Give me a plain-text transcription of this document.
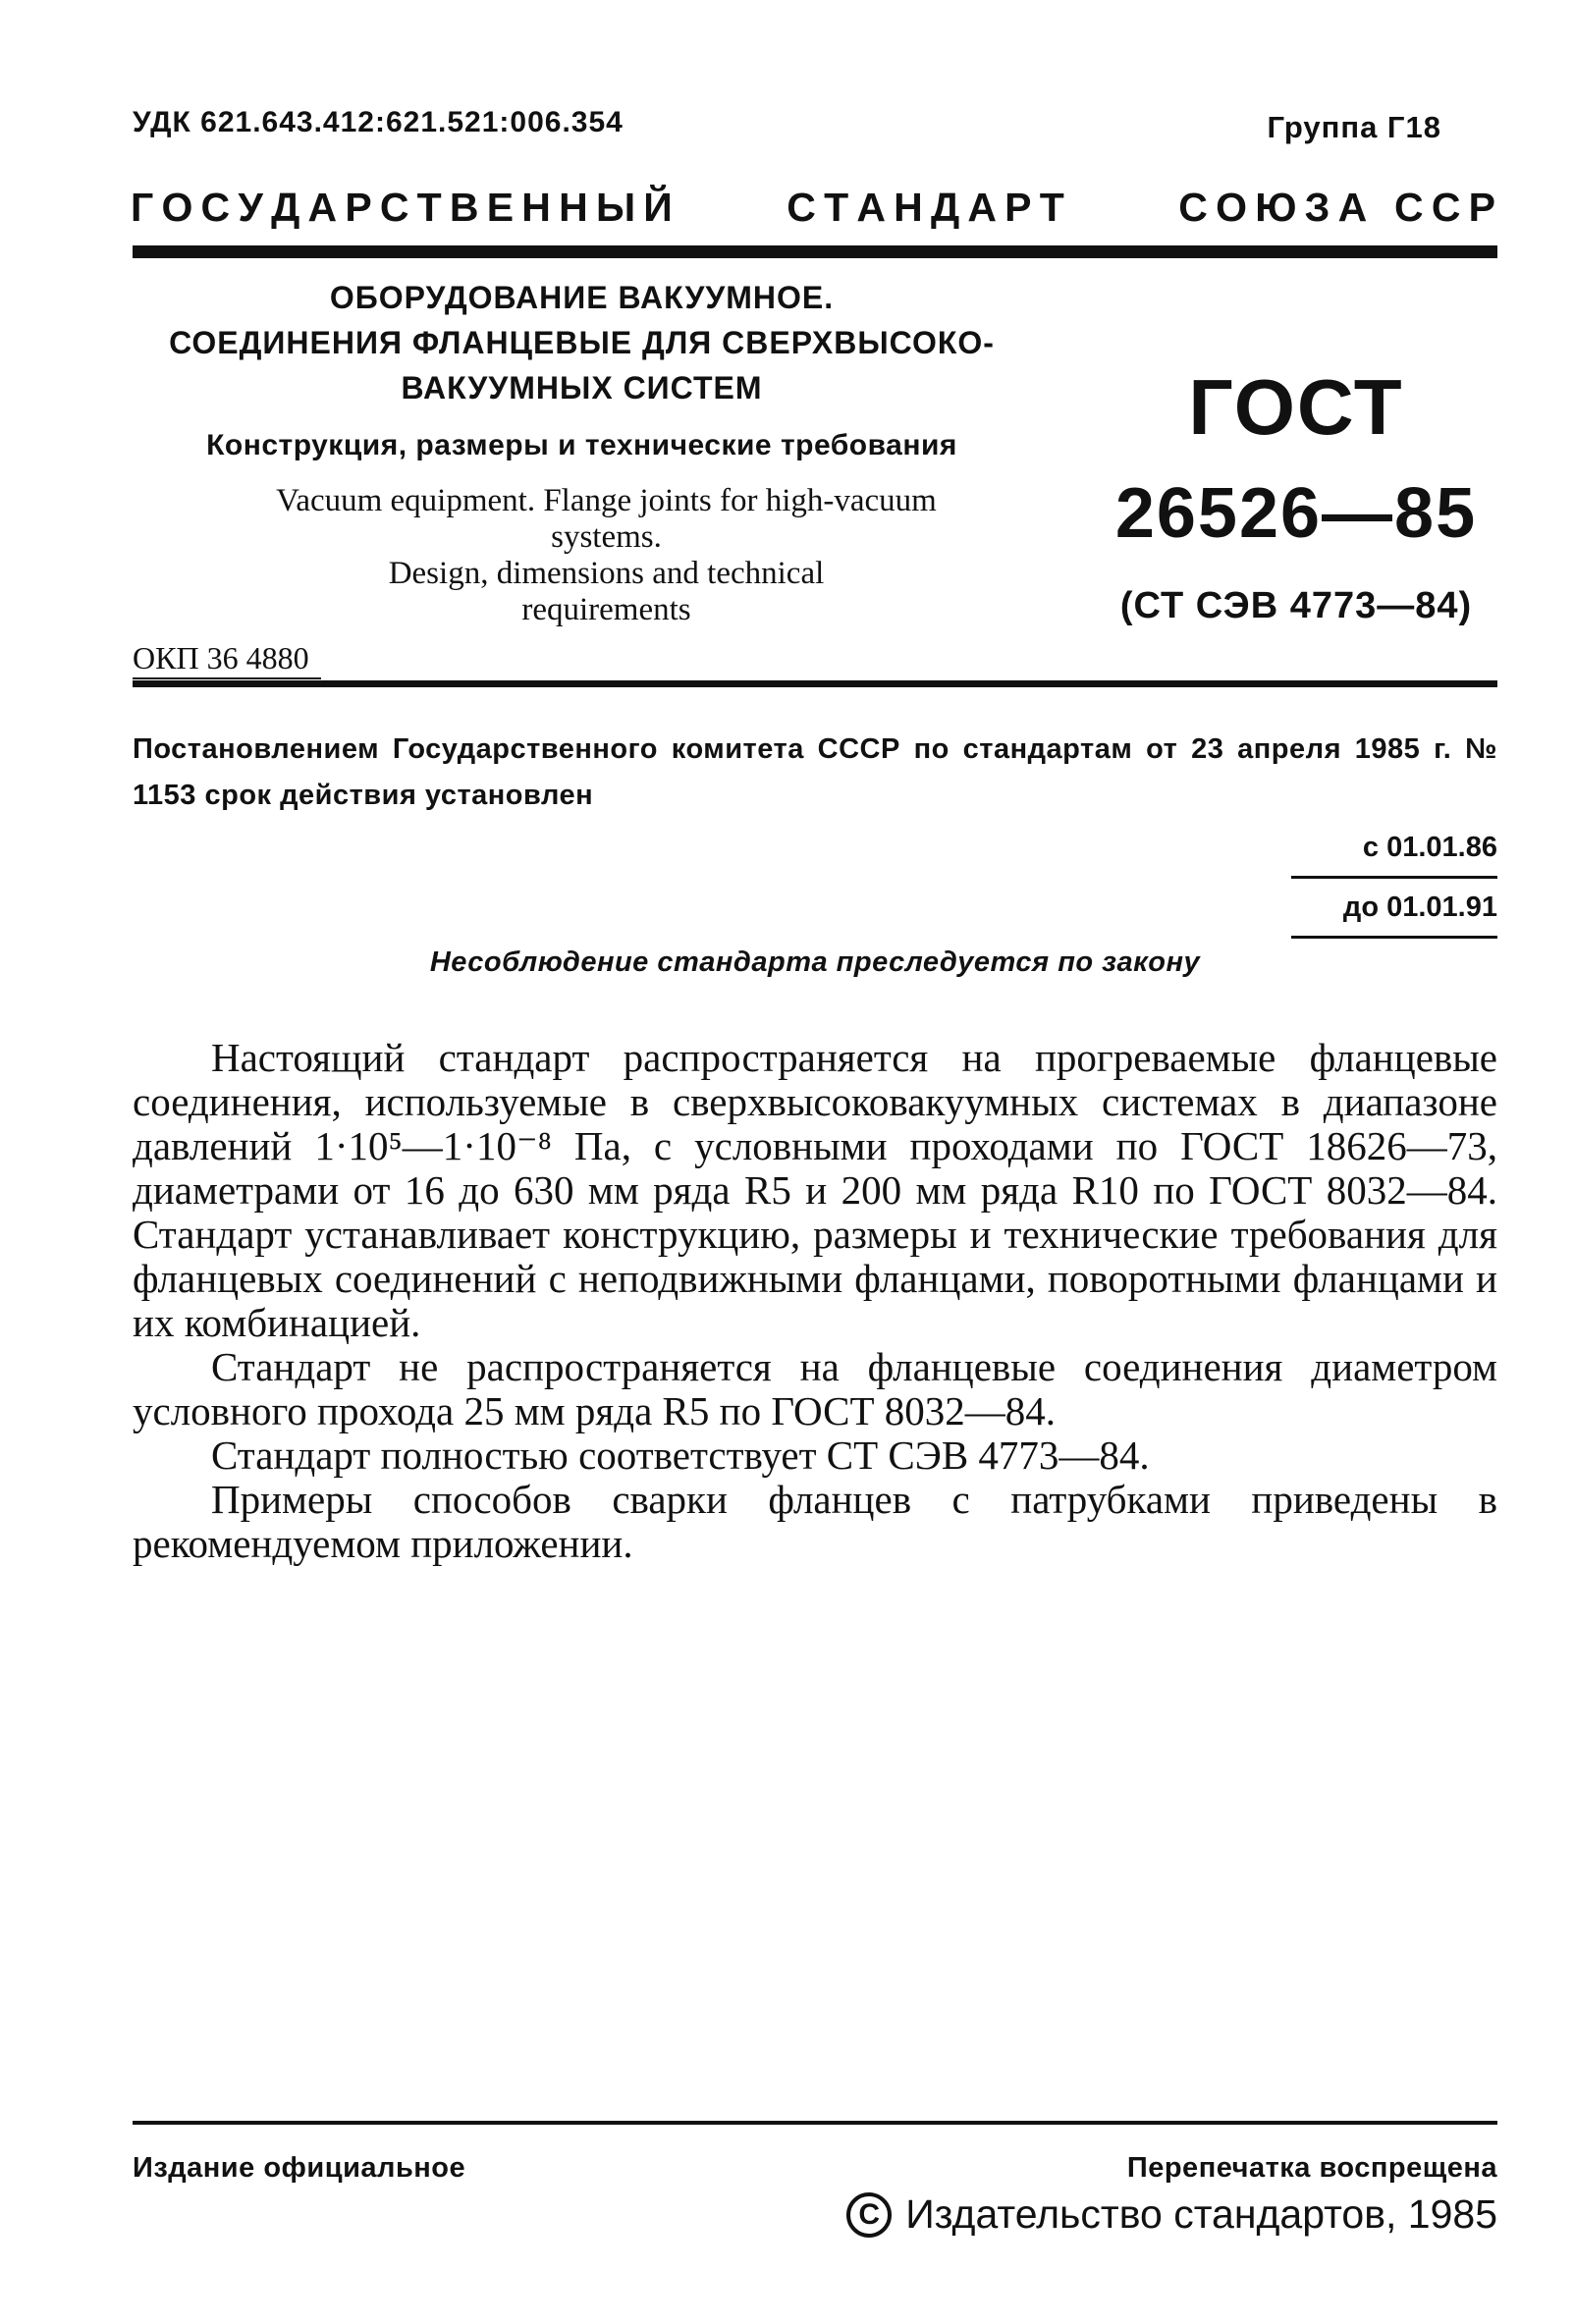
УДК 621.643.412:621.521:006.354	Группа Г18
Г О С У Д А Р С Т В Е Н Н Ы Й	С Т А Н Д А Р Т	С О Ю З А   С С Р
ОБОРУДОВАНИЕ ВАКУУМНОЕ.
СОЕДИНЕНИЯ ФЛАНЦЕВЫЕ ДЛЯ СВЕРХВЫСОКО-
ВАКУУМНЫХ СИСТЕМ
Конструкция, размеры и технические требования
Vacuum equipment. Flange joints for high-vacuum
systems.
Design, dimensions and technical
requirements
ОКП 36 4880
ГОСТ
26526—85
(СТ СЭВ 4773—84)
Постановлением Государственного комитета СССР по стандартам от 23 апреля 1985 г. № 1153 срок действия установлен
с 01.01.86
до 01.01.91
Несоблюдение стандарта преследуется по закону

Настоящий стандарт распространяется на прогреваемые фланцевые соединения, используемые в сверхвысоковакуумных системах в диапазоне давлений 1·10⁵—1·10⁻⁸ Па, с условными проходами по ГОСТ 18626—73, диаметрами от 16 до 630 мм ряда R5 и 200 мм ряда R10 по ГОСТ 8032—84. Стандарт устанавливает конструкцию, размеры и технические требования для фланцевых соединений с неподвижными фланцами, поворотными фланцами и их комбинацией.

Стандарт не распространяется на фланцевые соединения диаметром условного прохода 25 мм ряда R5 по ГОСТ 8032—84.

Стандарт полностью соответствует СТ СЭВ 4773—84.

Примеры способов сварки фланцев с патрубками приведены в рекомендуемом приложении.

Издание официальное	Перепечатка воспрещена
C Издательство стандартов, 1985
